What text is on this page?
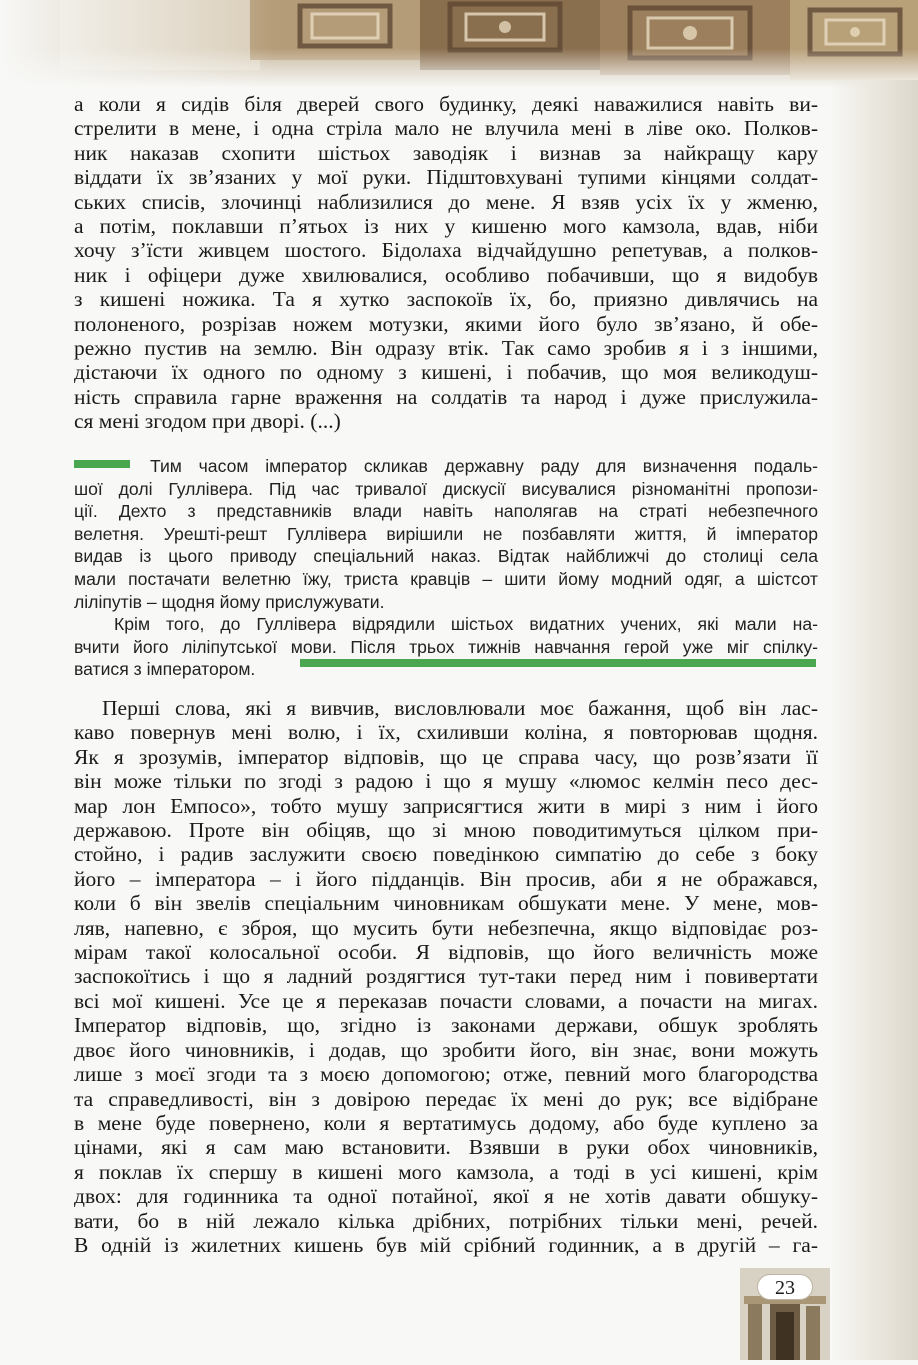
а коли я сидів біля дверей свого будинку, деякі наважилися навіть ви-

стрелити в мене, і одна стріла мало не влучила мені в ліве око. Полков-

ник наказав схопити шістьох заводіяк і визнав за найкращу кару

віддати їх зв’язаних у мої руки. Підштовхувані тупими кінцями солдат-

ських списів, злочинці наблизилися до мене. Я взяв усіх їх у жменю,

а потім, поклавши п’ятьох із них у кишеню мого камзола, вдав, ніби

хочу з’їсти живцем шостого. Бідолаха відчайдушно репетував, а полков-

ник і офіцери дуже хвилювалися, особливо побачивши, що я видобув

з кишені ножика. Та я хутко заспокоїв їх, бо, приязно дивлячись на

полоненого, розрізав ножем мотузки, якими його було зв’язано, й обе-

режно пустив на землю. Він одразу втік. Так само зробив я і з іншими,

дістаючи їх одного по одному з кишені, і побачив, що моя великодуш-

ність справила гарне враження на солдатів та народ і дуже прислужила-

ся мені згодом при дворі. (...)

Тим часом імператор скликав державну раду для визначення подаль-

шої долі Гуллівера. Під час тривалої дискусії висувалися різноманітні пропози-

ції. Дехто з представників влади навіть наполягав на страті небезпечного

велетня. Урешті-решт Гуллівера вирішили не позбавляти життя, й імператор

видав із цього приводу спеціальний наказ. Відтак найближчі до столиці села

мали постачати велетню їжу, триста кравців – шити йому модний одяг, а шістсот

ліліпутів – щодня йому прислужувати.

Крім того, до Гуллівера відрядили шістьох видатних учених, які мали на-

вчити його ліліпутської мови. Після трьох тижнів навчання герой уже міг спілку-

ватися з імператором.

Перші слова, які я вивчив, висловлювали моє бажання, щоб він лас-

каво повернув мені волю, і їх, схиливши коліна, я повторював щодня.

Як я зрозумів, імператор відповів, що це справа часу, що розв’язати її

він може тільки по згоді з радою і що я мушу «люмос келмін песо дес-

мар лон Емпосо», тобто мушу заприсягтися жити в мирі з ним і його

державою. Проте він обіцяв, що зі мною поводитимуться цілком при-

стойно, і радив заслужити своєю поведінкою симпатію до себе з боку

його – імператора – і його підданців. Він просив, аби я не ображався,

коли б він звелів спеціальним чиновникам обшукати мене. У мене, мов-

ляв, напевно, є зброя, що мусить бути небезпечна, якщо відповідає роз-

мірам такої колосальної особи. Я відповів, що його величність може

заспокоїтись і що я ладний роздягтися тут-таки перед ним і повивертати

всі мої кишені. Усе це я переказав почасти словами, а почасти на мигах.

Імператор відповів, що, згідно із законами держави, обшук зроблять

двоє його чиновників, і додав, що зробити його, він знає, вони можуть

лише з моєї згоди та з моєю допомогою; отже, певний мого благородства

та справедливості, він з довірою передає їх мені до рук; все відібране

в мене буде повернено, коли я вертатимусь додому, або буде куплено за

цінами, які я сам маю встановити. Взявши в руки обох чиновників,

я поклав їх спершу в кишені мого камзола, а тоді в усі кишені, крім

двох: для годинника та одної потайної, якої я не хотів давати обшуку-

вати, бо в ній лежало кілька дрібних, потрібних тільки мені, речей.

В одній із жилетних кишень був мій срібний годинник, а в другій – га-

23
